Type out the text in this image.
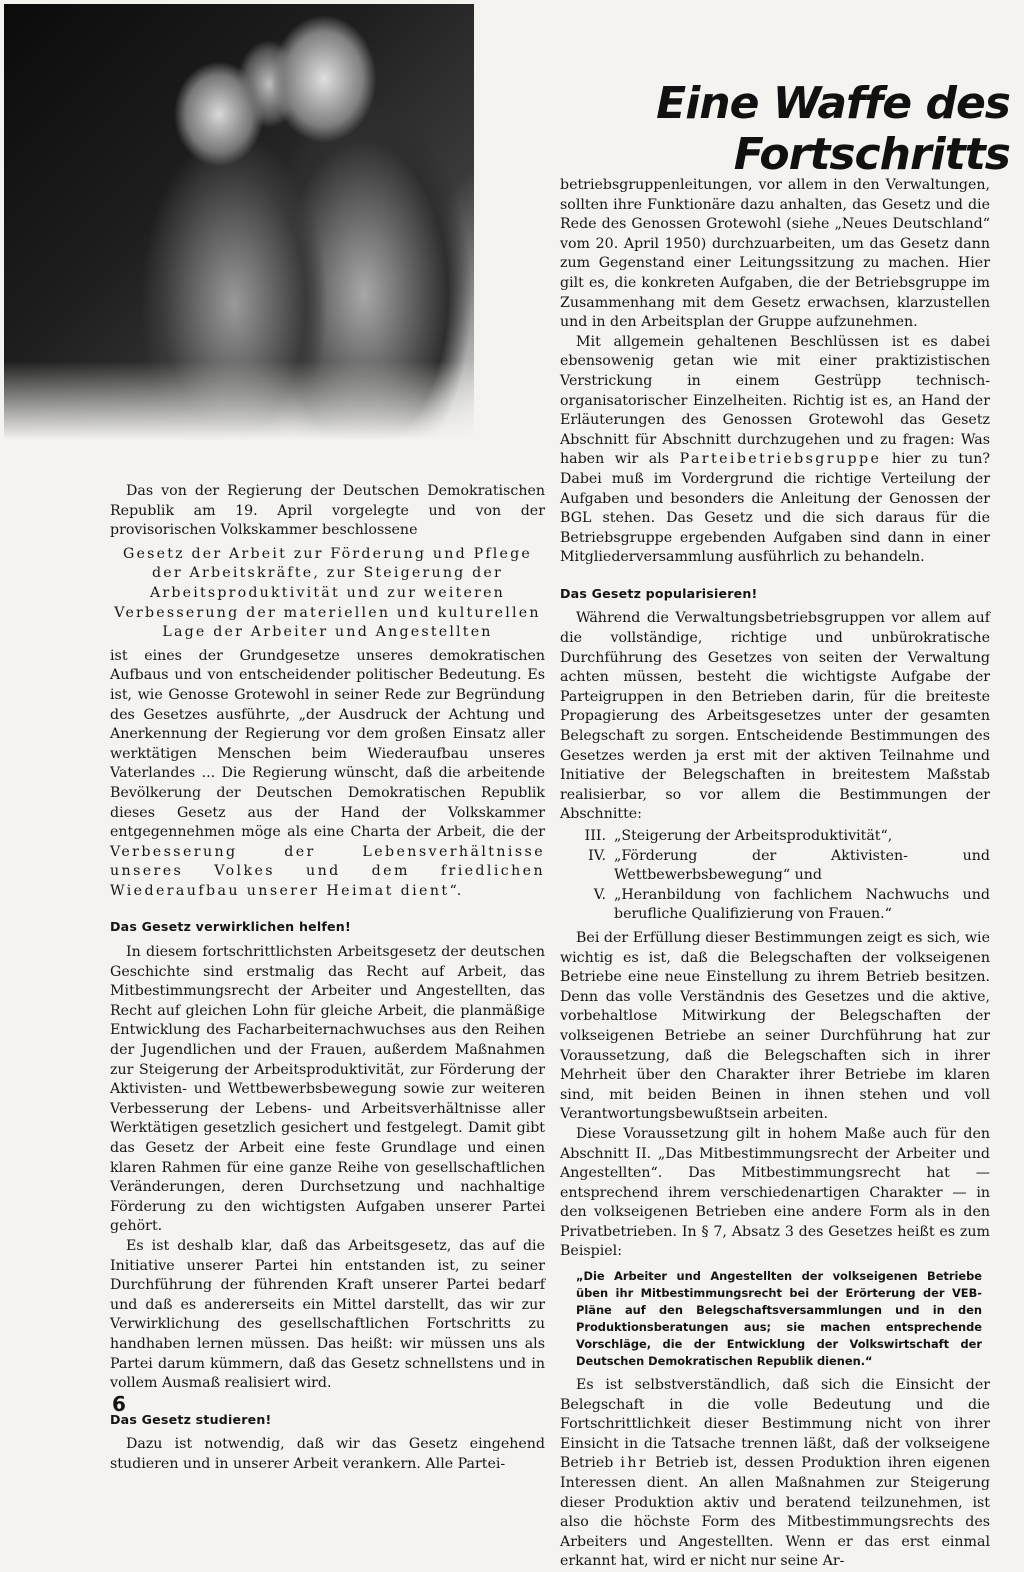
Eine Waffe des Fortschritts

Das von der Regierung der Deutschen Demokratischen Republik am 19. April vorgelegte und von der provisorischen Volkskammer beschlossene

Gesetz der Arbeit zur Förderung und Pflege der Arbeitskräfte, zur Steigerung der Arbeitsproduktivität und zur weiteren Verbesserung der materiellen und kulturellen Lage der Arbeiter und Angestellten

ist eines der Grundgesetze unseres demokratischen Aufbaus und von entscheidender politischer Bedeutung. Es ist, wie Genosse Grotewohl in seiner Rede zur Begründung des Gesetzes ausführte, „der Ausdruck der Achtung und Anerkennung der Regierung vor dem großen Einsatz aller werktätigen Menschen beim Wiederaufbau unseres Vaterlandes ... Die Regierung wünscht, daß die arbeitende Bevölkerung der Deutschen Demokratischen Republik dieses Gesetz aus der Hand der Volkskammer entgegennehmen möge als eine Charta der Arbeit, die der Verbesserung der Lebensverhältnisse unseres Volkes und dem friedlichen Wiederaufbau unserer Heimat dient“.

Das Gesetz verwirklichen helfen!

In diesem fortschrittlichsten Arbeitsgesetz der deutschen Geschichte sind erstmalig das Recht auf Arbeit, das Mitbestimmungsrecht der Arbeiter und Angestellten, das Recht auf gleichen Lohn für gleiche Arbeit, die planmäßige Entwicklung des Facharbeiternachwuchses aus den Reihen der Jugendlichen und der Frauen, außerdem Maßnahmen zur Steigerung der Arbeitsproduktivität, zur Förderung der Aktivisten- und Wettbewerbsbewegung sowie zur weiteren Verbesserung der Lebens- und Arbeitsverhältnisse aller Werktätigen gesetzlich gesichert und festgelegt. Damit gibt das Gesetz der Arbeit eine feste Grundlage und einen klaren Rahmen für eine ganze Reihe von gesellschaftlichen Veränderungen, deren Durchsetzung und nachhaltige Förderung zu den wichtigsten Aufgaben unserer Partei gehört.

Es ist deshalb klar, daß das Arbeitsgesetz, das auf die Initiative unserer Partei hin entstanden ist, zu seiner Durchführung der führenden Kraft unserer Partei bedarf und daß es andererseits ein Mittel darstellt, das wir zur Verwirklichung des gesellschaftlichen Fortschritts zu handhaben lernen müssen. Das heißt: wir müssen uns als Partei darum kümmern, daß das Gesetz schnellstens und in vollem Ausmaß realisiert wird.

Das Gesetz studieren!

Dazu ist notwendig, daß wir das Gesetz eingehend studieren und in unserer Arbeit verankern. Alle Partei-

betriebsgruppenleitungen, vor allem in den Verwaltungen, sollten ihre Funktionäre dazu anhalten, das Gesetz und die Rede des Genossen Grotewohl (siehe „Neues Deutschland“ vom 20. April 1950) durchzuarbeiten, um das Gesetz dann zum Gegenstand einer Leitungssitzung zu machen. Hier gilt es, die konkreten Aufgaben, die der Betriebsgruppe im Zusammenhang mit dem Gesetz erwachsen, klarzustellen und in den Arbeitsplan der Gruppe aufzunehmen.

Mit allgemein gehaltenen Beschlüssen ist es dabei ebensowenig getan wie mit einer praktizistischen Verstrickung in einem Gestrüpp technisch-organisatorischer Einzelheiten. Richtig ist es, an Hand der Erläuterungen des Genossen Grotewohl das Gesetz Abschnitt für Abschnitt durchzugehen und zu fragen: Was haben wir als Parteibetriebsgruppe hier zu tun? Dabei muß im Vordergrund die richtige Verteilung der Aufgaben und besonders die Anleitung der Genossen der BGL stehen. Das Gesetz und die sich daraus für die Betriebsgruppe ergebenden Aufgaben sind dann in einer Mitgliederversammlung ausführlich zu behandeln.

Das Gesetz popularisieren!

Während die Verwaltungsbetriebsgruppen vor allem auf die vollständige, richtige und unbürokratische Durchführung des Gesetzes von seiten der Verwaltung achten müssen, besteht die wichtigste Aufgabe der Parteigruppen in den Betrieben darin, für die breiteste Propagierung des Arbeitsgesetzes unter der gesamten Belegschaft zu sorgen. Entscheidende Bestimmungen des Gesetzes werden ja erst mit der aktiven Teilnahme und Initiative der Belegschaften in breitestem Maßstab realisierbar, so vor allem die Bestimmungen der Abschnitte:

III. „Steigerung der Arbeitsproduktivität“,
IV. „Förderung der Aktivisten- und Wettbewerbsbewegung“ und
V. „Heranbildung von fachlichem Nachwuchs und berufliche Qualifizierung von Frauen.“

Bei der Erfüllung dieser Bestimmungen zeigt es sich, wie wichtig es ist, daß die Belegschaften der volkseigenen Betriebe eine neue Einstellung zu ihrem Betrieb besitzen. Denn das volle Verständnis des Gesetzes und die aktive, vorbehaltlose Mitwirkung der Belegschaften der volkseigenen Betriebe an seiner Durchführung hat zur Voraussetzung, daß die Belegschaften sich in ihrer Mehrheit über den Charakter ihrer Betriebe im klaren sind, mit beiden Beinen in ihnen stehen und voll Verantwortungsbewußtsein arbeiten.

Diese Voraussetzung gilt in hohem Maße auch für den Abschnitt II. „Das Mitbestimmungsrecht der Arbeiter und Angestellten“. Das Mitbestimmungsrecht hat — entsprechend ihrem verschiedenartigen Charakter — in den volkseigenen Betrieben eine andere Form als in den Privatbetrieben. In § 7, Absatz 3 des Gesetzes heißt es zum Beispiel:

„Die Arbeiter und Angestellten der volkseigenen Betriebe üben ihr Mitbestimmungsrecht bei der Erörterung der VEB-Pläne auf den Belegschaftsversammlungen und in den Produktionsberatungen aus; sie machen entsprechende Vorschläge, die der Entwicklung der Volkswirtschaft der Deutschen Demokratischen Republik dienen.“

Es ist selbstverständlich, daß sich die Einsicht der Belegschaft in die volle Bedeutung und die Fortschrittlichkeit dieser Bestimmung nicht von ihrer Einsicht in die Tatsache trennen läßt, daß der volkseigene Betrieb ihr Betrieb ist, dessen Produktion ihren eigenen Interessen dient. An allen Maßnahmen zur Steigerung dieser Produktion aktiv und beratend teilzunehmen, ist also die höchste Form des Mitbestimmungsrechts des Arbeiters und Angestellten. Wenn er das erst einmal erkannt hat, wird er nicht nur seine Ar-

6
